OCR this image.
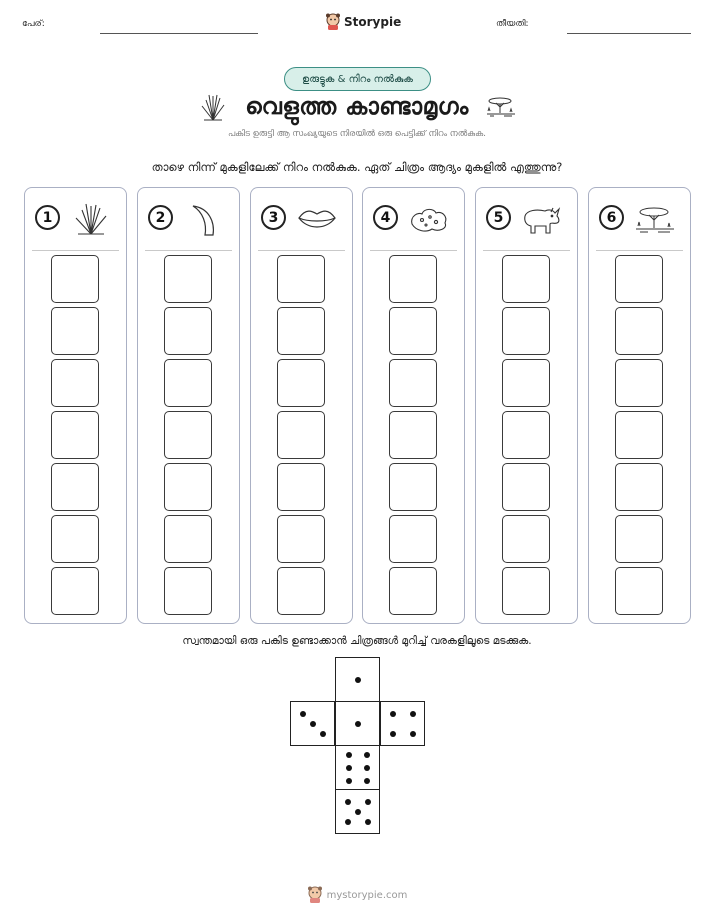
പേര്:	Storypie	തീയതി:
ഉരുട്ടുക & നിറം നൽകുക
വെളുത്ത കാണ്ടാമൃഗം
പകിട ഉരുട്ടി ആ സംഖ്യയുടെ നിരയിൽ ഒരു പെട്ടിക്ക് നിറം നൽകുക.
താഴെ നിന്ന് മുകളിലേക്ക് നിറം നൽകുക. ഏത് ചിത്രം ആദ്യം മുകളിൽ എത്തുന്നു?
1	2	3	4	5	6
സ്വന്തമായി ഒരു പകിട ഉണ്ടാക്കാൻ ചിത്രങ്ങൾ മുറിച്ച് വരകളിലൂടെ മടക്കുക.
mystorypie.com
